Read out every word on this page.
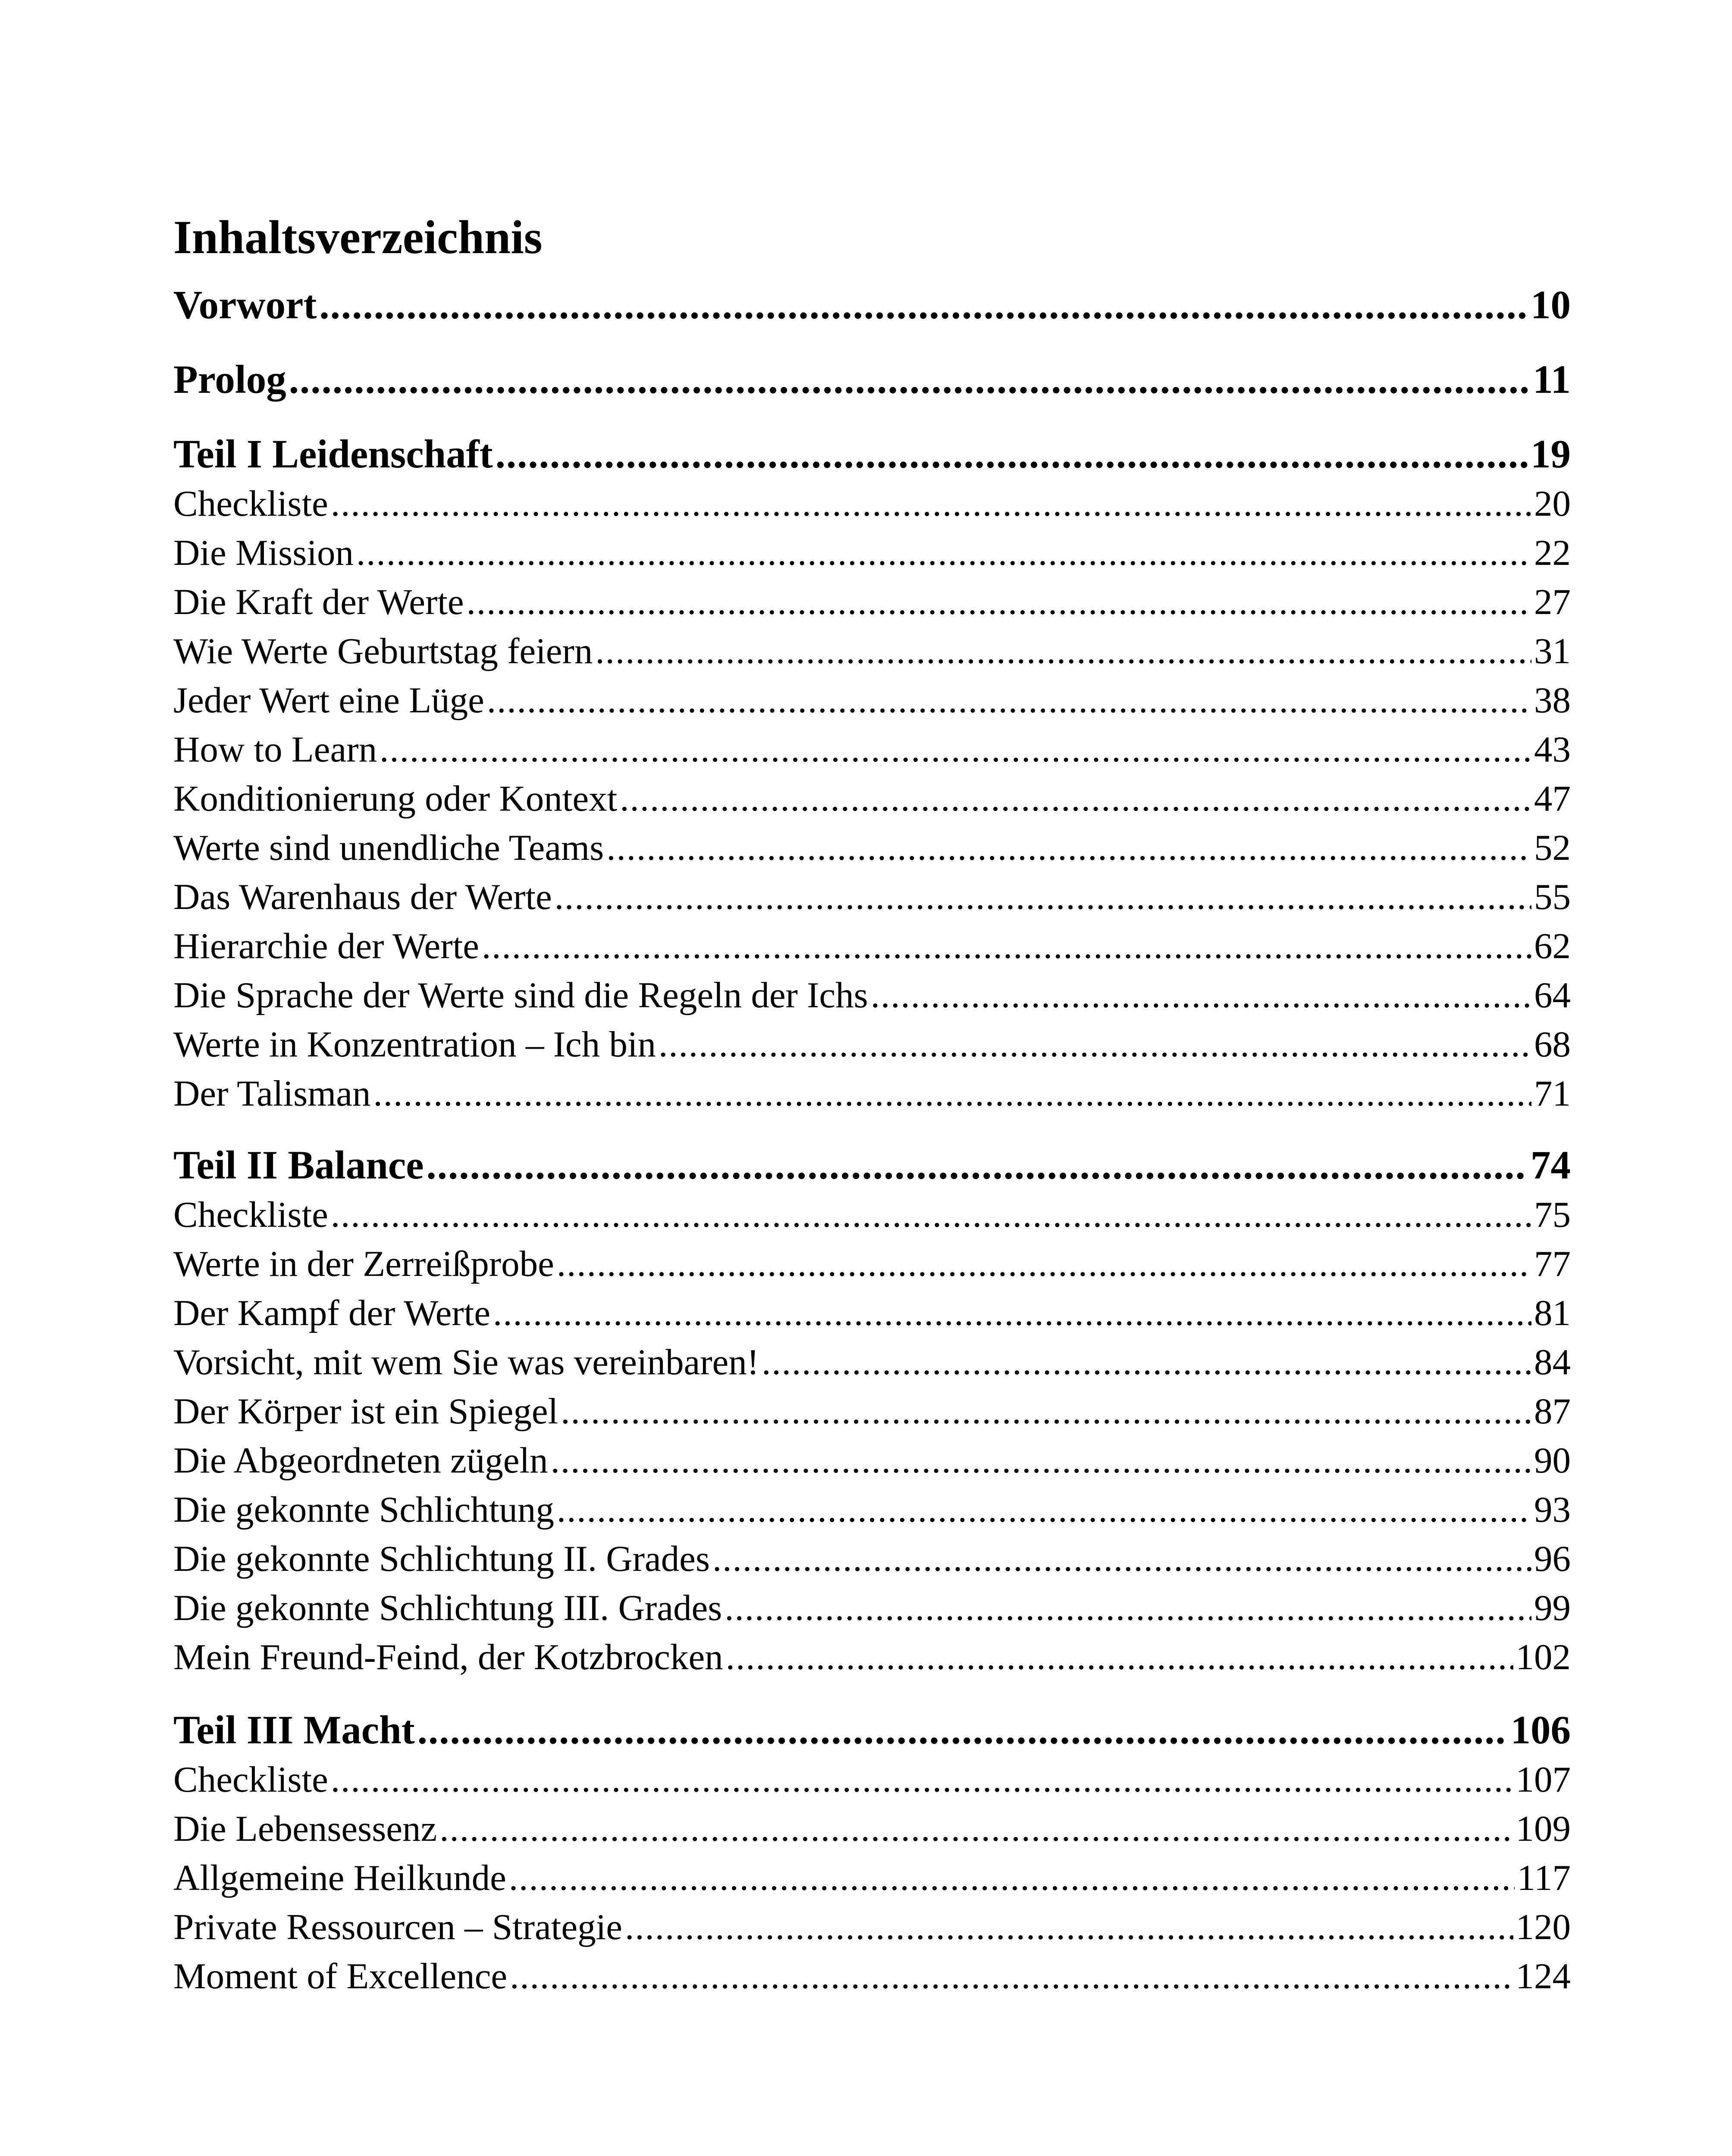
Inhaltsverzeichnis
Vorwort .....	10
Prolog .....	11
Teil I Leidenschaft .....	19
Checkliste .....	20
Die Mission .....	22
Die Kraft der Werte .....	27
Wie Werte Geburtstag feiern .....	31
Jeder Wert eine Lüge .....	38
How to Learn .....	43
Konditionierung oder Kontext .....	47
Werte sind unendliche Teams .....	52
Das Warenhaus der Werte .....	55
Hierarchie der Werte .....	62
Die Sprache der Werte sind die Regeln der Ichs .....	64
Werte in Konzentration – Ich bin .....	68
Der Talisman .....	71
Teil II Balance .....	74
Checkliste .....	75
Werte in der Zerreißprobe .....	77
Der Kampf der Werte .....	81
Vorsicht, mit wem Sie was vereinbaren! .....	84
Der Körper ist ein Spiegel .....	87
Die Abgeordneten zügeln .....	90
Die gekonnte Schlichtung .....	93
Die gekonnte Schlichtung II. Grades .....	96
Die gekonnte Schlichtung III. Grades .....	99
Mein Freund-Feind, der Kotzbrocken .....	102
Teil III Macht .....	106
Checkliste .....	107
Die Lebensessenz .....	109
Allgemeine Heilkunde .....	117
Private Ressourcen – Strategie .....	120
Moment of Excellence .....	124
